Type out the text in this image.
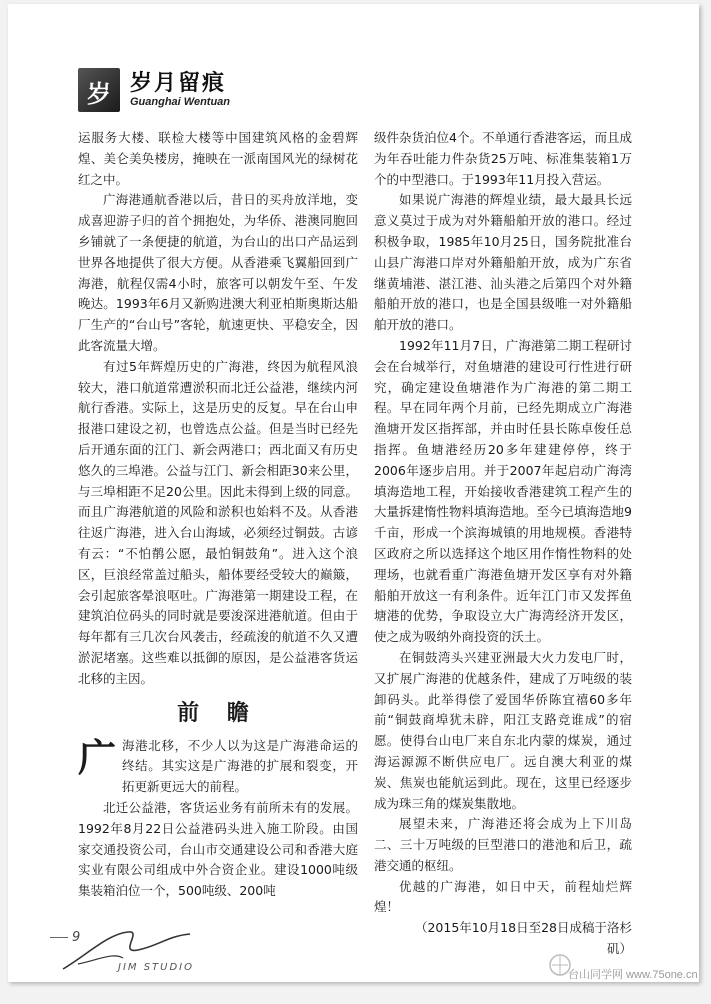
岁 岁月留痕
Guanghai Wentuan

运服务大楼、联检大楼等中国建筑风格的金碧辉煌、美仑美奂楼房，掩映在一派南国风光的绿树花红之中。

广海港通航香港以后，昔日的买舟放洋地，变成喜迎游子归的首个拥抱处，为华侨、港澳同胞回乡铺就了一条便捷的航道，为台山的出口产品运到世界各地提供了很大方便。从香港乘飞翼船回到广海港，航程仅需4小时，旅客可以朝发午至、午发晚达。1993年6月又新购进澳大利亚柏斯奥斯达船厂生产的“台山号”客轮，航速更快、平稳安全，因此客流量大增。

有过5年辉煌历史的广海港，终因为航程风浪较大，港口航道常遭淤积而北迁公益港，继续内河航行香港。实际上，这是历史的反复。早在台山申报港口建设之初，也曾选点公益。但是当时已经先后开通东面的江门、新会两港口；西北面又有历史悠久的三埠港。公益与江门、新会相距30来公里，与三埠相距不足20公里。因此未得到上级的同意。而且广海港航道的风险和淤积也始料不及。从香港往返广海港，进入台山海域，必须经过铜鼓。古谚有云：“不怕鹡公愿，最怕铜鼓角”。进入这个浪区，巨浪经常盖过船头，船体要经受较大的巅簸，会引起旅客晕浪呕吐。广海港第一期建设工程，在建筑泊位码头的同时就是要浚深进港航道。但由于每年都有三几次台风袭击，经疏浚的航道不久又遭淤泥堵塞。这些难以抵御的原因，是公益港客货运北移的主因。

前 瞻

广海港北移，不少人以为这是广海港命运的终结。其实这是广海港的扩展和裂变，开拓更新更远大的前程。

北迁公益港，客货运业务有前所未有的发展。1992年8月22日公益港码头进入施工阶段。由国家交通投资公司，台山市交通建设公司和香港大庭实业有限公司组成中外合资企业。建设1000吨级集装箱泊位一个，500吨级、200吨

级件杂货泊位4个。不单通行香港客运，而且成为年吞吐能力件杂货25万吨、标准集装箱1万个的中型港口。于1993年11月投入营运。

如果说广海港的辉煌业绩，最大最具长远意义莫过于成为对外籍船舶开放的港口。经过积极争取，1985年10月25日，国务院批准台山县广海港口岸对外籍船舶开放，成为广东省继黄埔港、湛江港、汕头港之后第四个对外籍船舶开放的港口，也是全国县级唯一对外籍船舶开放的港口。

1992年11月7日，广海港第二期工程研讨会在台城举行，对鱼塘港的建设可行性进行研究，确定建设鱼塘港作为广海港的第二期工程。早在同年两个月前，已经先期成立广海港渔塘开发区指挥部，并由时任县长陈卓俊任总指挥。鱼塘港经历20多年建建停停，终于2006年逐步启用。并于2007年起启动广海湾填海造地工程，开始接收香港建筑工程产生的大量拆建惰性物料填海造地。至今已填海造地9千亩，形成一个滨海城镇的用地规模。香港特区政府之所以选择这个地区用作惰性物料的处理场，也就看重广海港鱼塘开发区享有对外籍船舶开放这一有利条件。近年江门市又发挥鱼塘港的优势，争取设立大广海湾经济开发区，使之成为吸纳外商投资的沃土。

在铜鼓湾头兴建亚洲最大火力发电厂时，又扩展广海港的优越条件，建成了万吨级的装卸码头。此举得偿了爱国华侨陈宜禧60多年前“铜鼓商埠犹未辟，阳江支路竞谁成”的宿愿。使得台山电厂来自东北内蒙的煤炭，通过海运源源不断供应电厂。远自澳大利亚的煤炭、焦炭也能航运到此。现在，这里已经逐步成为珠三角的煤炭集散地。

展望未来，广海港还将会成为上下川岛二、三十万吨级的巨型港口的港池和后卫，疏港交通的枢纽。

优越的广海港，如日中天，前程灿烂辉煌！

（2015年10月18日至28日成稿于洛杉矶）

9
JIM STUDIO
台山同学网 www.75one.cn
